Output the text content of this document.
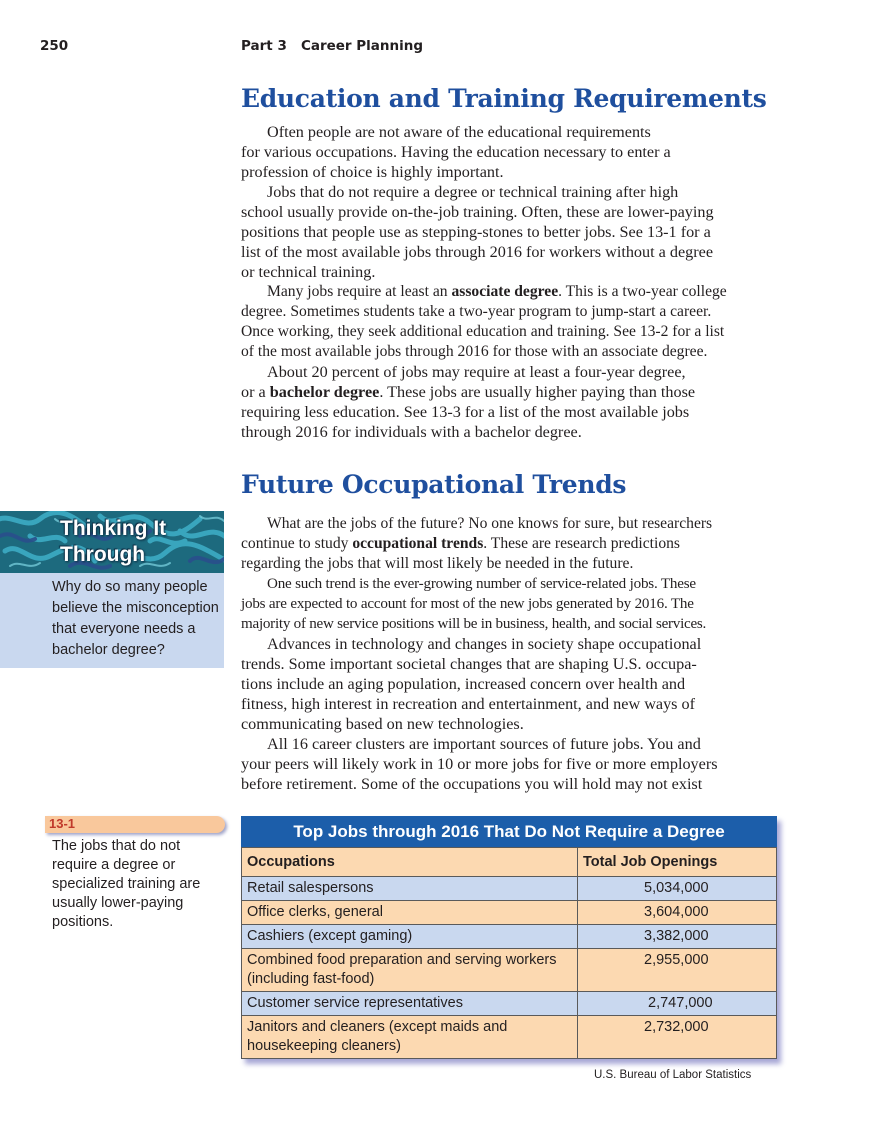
250	Part 3   Career Planning
Education and Training Requirements
Often people are not aware of the educational requirements
for various occupations. Having the education necessary to enter a
profession of choice is highly important.
Jobs that do not require a degree or technical training after high
school usually provide on-the-job training. Often, these are lower-paying
positions that people use as stepping-stones to better jobs. See 13-1 for a
list of the most available jobs through 2016 for workers without a degree
or technical training.
Many jobs require at least an associate degree. This is a two-year college
degree. Sometimes students take a two-year program to jump-start a career.
Once working, they seek additional education and training. See 13-2 for a list
of the most available jobs through 2016 for those with an associate degree.
About 20 percent of jobs may require at least a four-year degree,
or a bachelor degree. These jobs are usually higher paying than those
requiring less education. See 13-3 for a list of the most available jobs
through 2016 for individuals with a bachelor degree.
Future Occupational Trends
What are the jobs of the future? No one knows for sure, but researchers
continue to study occupational trends. These are research predictions
regarding the jobs that will most likely be needed in the future.
One such trend is the ever-growing number of service-related jobs. These
jobs are expected to account for most of the new jobs generated by 2016. The
majority of new service positions will be in business, health, and social services.
Advances in technology and changes in society shape occupational
trends. Some important societal changes that are shaping U.S. occupa-
tions include an aging population, increased concern over health and
fitness, high interest in recreation and entertainment, and new ways of
communicating based on new technologies.
All 16 career clusters are important sources of future jobs. You and
your peers will likely work in 10 or more jobs for five or more employers
before retirement. Some of the occupations you will hold may not exist
Thinking It
Through
Why do so many people believe the misconception that everyone needs a bachelor degree?
13-1
The jobs that do not require a degree or specialized training are usually lower-paying positions.
Top Jobs through 2016 That Do Not Require a Degree
Occupations	Total Job Openings
Retail salespersons	5,034,000
Office clerks, general	3,604,000
Cashiers (except gaming)	3,382,000
Combined food preparation and serving workers (including fast-food)	2,955,000
Customer service representatives	2,747,000
Janitors and cleaners (except maids and housekeeping cleaners)	2,732,000
U.S. Bureau of Labor Statistics
